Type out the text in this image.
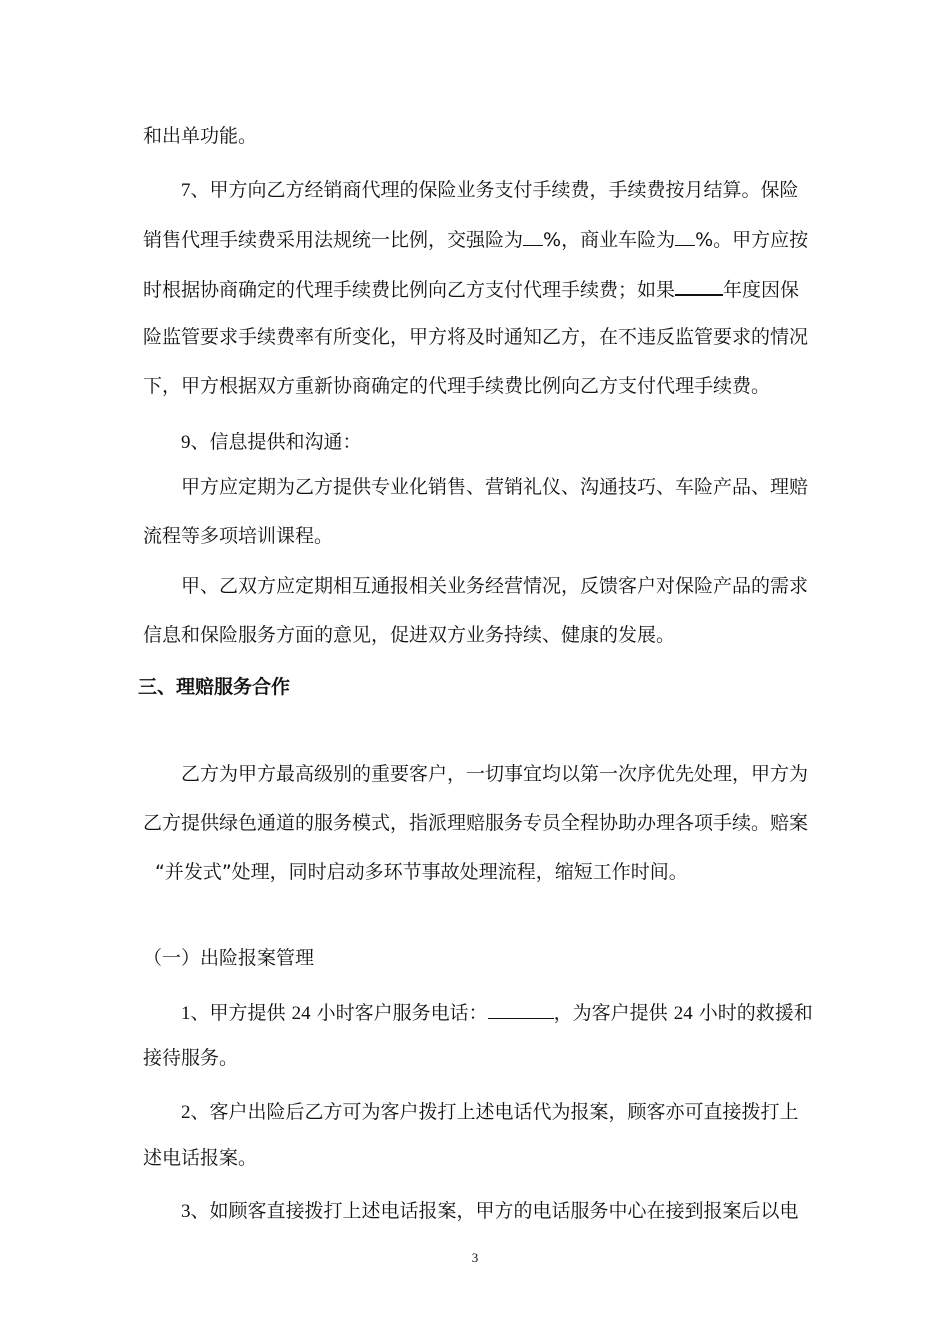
和出单功能。
7、甲方向乙方经销商代理的保险业务支付手续费，手续费按月结算。保险
销售代理手续费采用法规统一比例，交强险为 %，商业车险为 %。甲方应按
时根据协商确定的代理手续费比例向乙方支付代理手续费；如果	年度因保
险监管要求手续费率有所变化，甲方将及时通知乙方，在不违反监管要求的情况
下，甲方根据双方重新协商确定的代理手续费比例向乙方支付代理手续费。
9、信息提供和沟通：
甲方应定期为乙方提供专业化销售、营销礼仪、沟通技巧、车险产品、理赔
流程等多项培训课程。
甲、乙双方应定期相互通报相关业务经营情况，反馈客户对保险产品的需求
信息和保险服务方面的意见，促进双方业务持续、健康的发展。
三、理赔服务合作
乙方为甲方最高级别的重要客户，一切事宜均以第一次序优先处理，甲方为
乙方提供绿色通道的服务模式，指派理赔服务专员全程协助办理各项手续。赔案
“并发式”处理，同时启动多环节事故处理流程，缩短工作时间。
（一）出险报案管理
1、甲方提供 24 小时客户服务电话：	，为客户提供 24 小时的救援和
接待服务。
2、客户出险后乙方可为客户拨打上述电话代为报案，顾客亦可直接拨打上
述电话报案。
3、如顾客直接拨打上述电话报案，甲方的电话服务中心在接到报案后以电
3
